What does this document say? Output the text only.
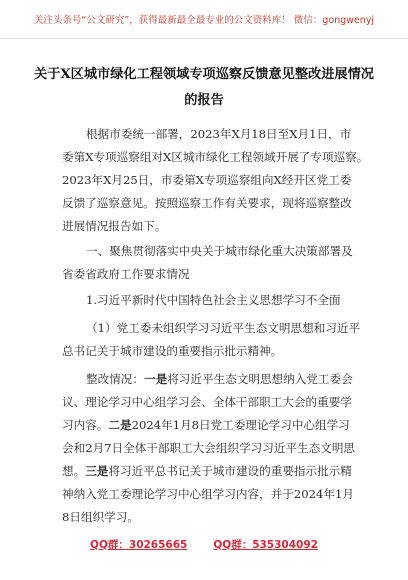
关注头条号“公文研究”，获得最新最全最专业的公文资料库！ 微信：gongwenyj
关于X区城市绿化工程领域专项巡察反馈意见整改进展情况
的报告
根据市委统一部署，2023年X月18日至X月1日，市
委第X专项巡察组对X区城市绿化工程领域开展了专项巡察。
2023年X月25日，市委第X专项巡察组向X经开区党工委
反馈了巡察意见。按照巡察工作有关要求，现将巡察整改
进展情况报告如下。
一、聚焦贯彻落实中央关于城市绿化重大决策部署及
省委省政府工作要求情况
1.习近平新时代中国特色社会主义思想学习不全面
（1）党工委未组织学习习近平生态文明思想和习近平
总书记关于城市建设的重要指示批示精神。
整改情况：一是将习近平生态文明思想纳入党工委会
议、理论学习中心组学习会、全体干部职工大会的重要学
习内容。二是2024年1月8日党工委理论学习中心组学习
会和2月7日全体干部职工大会组织学习习近平生态文明思
想。三是将习近平总书记关于城市建设的重要指示批示精
神纳入党工委理论学习中心组学习内容，并于2024年1月
8日组织学习。
QQ群：30265665 QQ群：535304092
